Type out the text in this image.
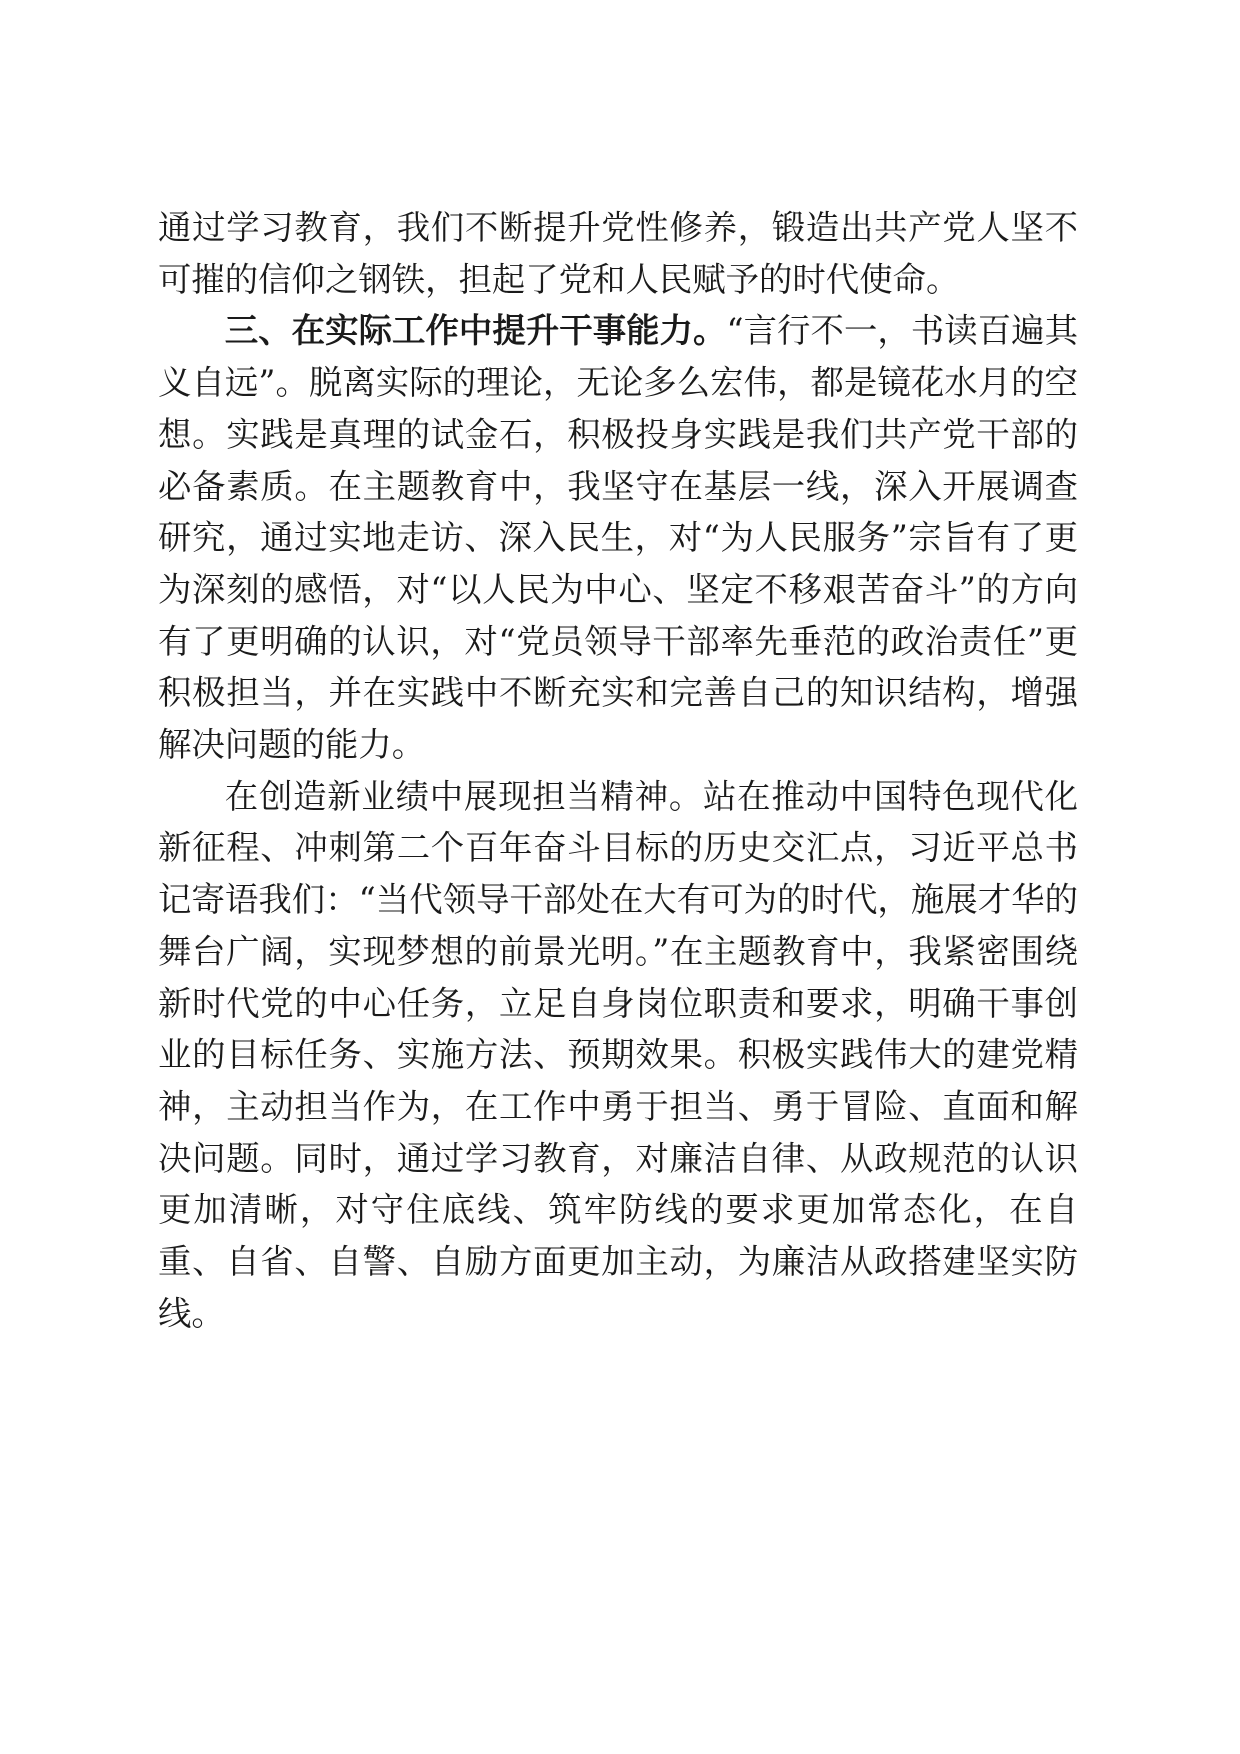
通过学习教育，我们不断提升党性修养，锻造出共产党人坚不可摧的信仰之钢铁，担起了党和人民赋予的时代使命。

三、在实际工作中提升干事能力。“言行不一，书读百遍其义自远”。脱离实际的理论，无论多么宏伟，都是镜花水月的空想。实践是真理的试金石，积极投身实践是我们共产党干部的必备素质。在主题教育中，我坚守在基层一线，深入开展调查研究，通过实地走访、深入民生，对“为人民服务”宗旨有了更为深刻的感悟，对“以人民为中心、坚定不移艰苦奋斗”的方向有了更明确的认识，对“党员领导干部率先垂范的政治责任”更积极担当，并在实践中不断充实和完善自己的知识结构，增强解决问题的能力。

在创造新业绩中展现担当精神。站在推动中国特色现代化新征程、冲刺第二个百年奋斗目标的历史交汇点，习近平总书记寄语我们：“当代领导干部处在大有可为的时代，施展才华的舞台广阔，实现梦想的前景光明。”在主题教育中，我紧密围绕新时代党的中心任务，立足自身岗位职责和要求，明确干事创业的目标任务、实施方法、预期效果。积极实践伟大的建党精神，主动担当作为，在工作中勇于担当、勇于冒险、直面和解决问题。同时，通过学习教育，对廉洁自律、从政规范的认识更加清晰，对守住底线、筑牢防线的要求更加常态化，在自重、自省、自警、自励方面更加主动，为廉洁从政搭建坚实防线。
